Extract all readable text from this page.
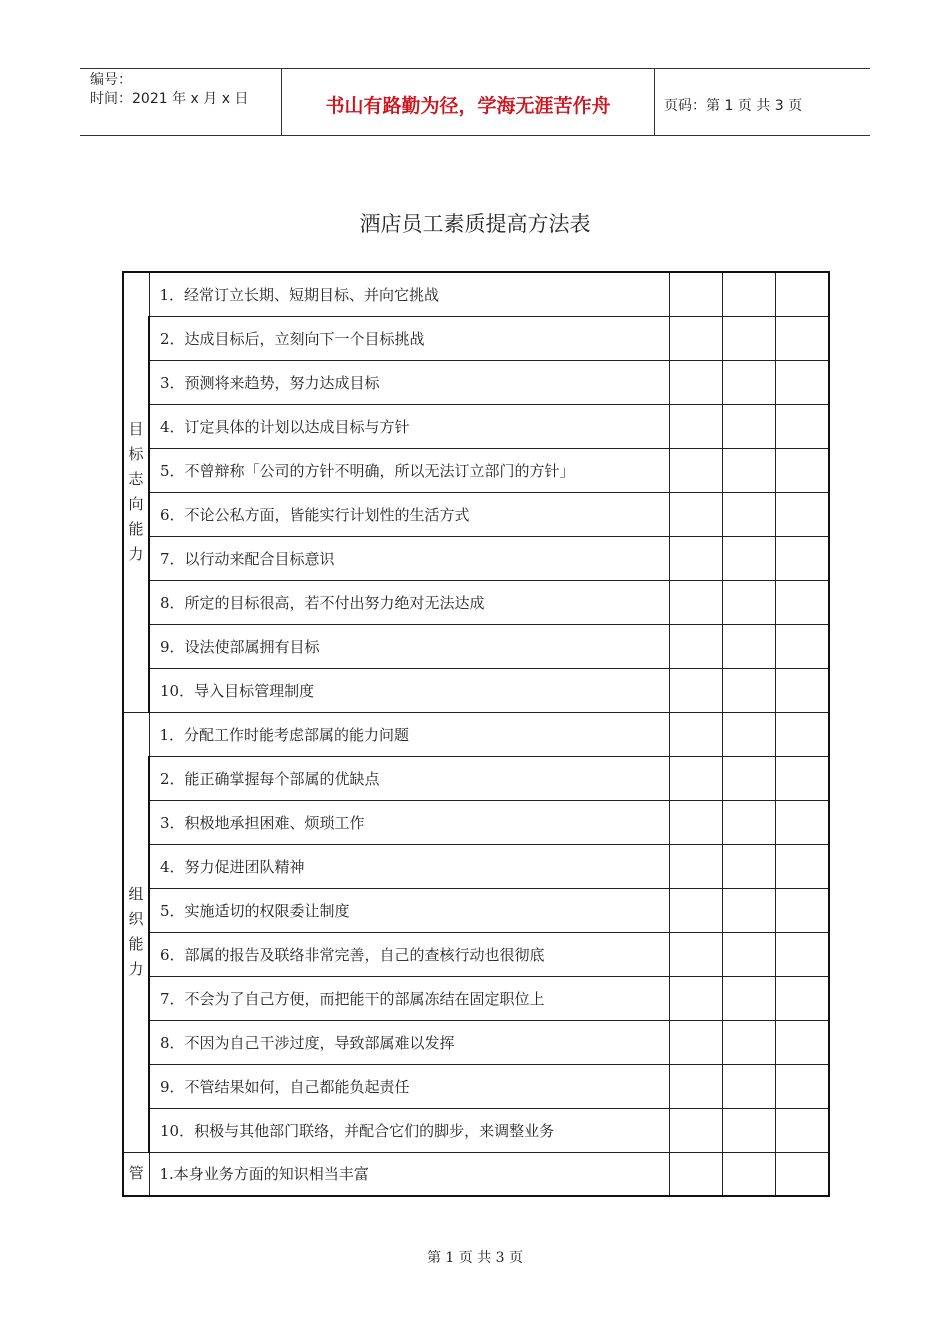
编号：
时间：2021 年 x 月 x 日	书山有路勤为径，学海无涯苦作舟	页码：第 1 页 共 3 页
酒店员工素质提高方法表
目标志向能力	1．经常订立长期、短期目标、并向它挑战			
	2．达成目标后，立刻向下一个目标挑战			
	3．预测将来趋势，努力达成目标			
	4．订定具体的计划以达成目标与方针			
	5．不曾辩称「公司的方针不明确，所以无法订立部门的方针」			
	6．不论公私方面，皆能实行计划性的生活方式			
	7．以行动来配合目标意识			
	8．所定的目标很高，若不付出努力绝对无法达成			
	9．设法使部属拥有目标			
	10．导入目标管理制度			

组织能力	1．分配工作时能考虑部属的能力问题			
	2．能正确掌握每个部属的优缺点			
	3．积极地承担困难、烦琐工作			
	4．努力促进团队精神			
	5．实施适切的权限委让制度			
	6．部属的报告及联络非常完善，自己的查核行动也很彻底			
	7．不会为了自己方便，而把能干的部属冻结在固定职位上			
	8．不因为自己干涉过度，导致部属难以发挥			
	9．不管结果如何，自己都能负起责任			
	10．积极与其他部门联络，并配合它们的脚步，来调整业务			

管	1.本身业务方面的知识相当丰富			
第 1 页 共 3 页
